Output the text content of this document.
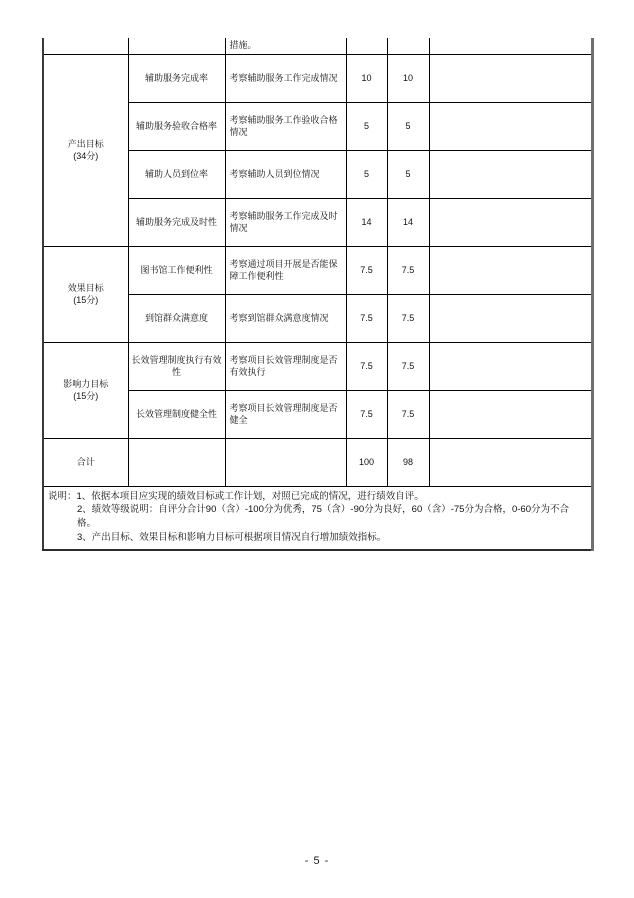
		措施。			

产出目标
(34分)	辅助服务完成率	考察辅助服务工作完成情况	10	10	
	辅助服务验收合格率	考察辅助服务工作验收合格情况	5	5	
	辅助人员到位率	考察辅助人员到位情况	5	5	
	辅助服务完成及时性	考察辅助服务工作完成及时情况	14	14	

效果目标
(15分)	图书馆工作便利性	考察通过项目开展是否能保障工作便利性	7.5	7.5	
	到馆群众满意度	考察到馆群众满意度情况	7.5	7.5	

影响力目标
(15分)	长效管理制度执行有效性	考察项目长效管理制度是否有效执行	7.5	7.5	
	长效管理制度健全性	考察项目长效管理制度是否健全	7.5	7.5	
合计			100	98	

说明：1、依据本项目应实现的绩效目标或工作计划，对照已完成的情况，进行绩效自评。
2、绩效等级说明：自评分合计90（含）-100分为优秀，75（含）-90分为良好，60（含）-75分为合格，0-60分为不合格。
3、产出目标、效果目标和影响力目标可根据项目情况自行增加绩效指标。					
- 5 -
